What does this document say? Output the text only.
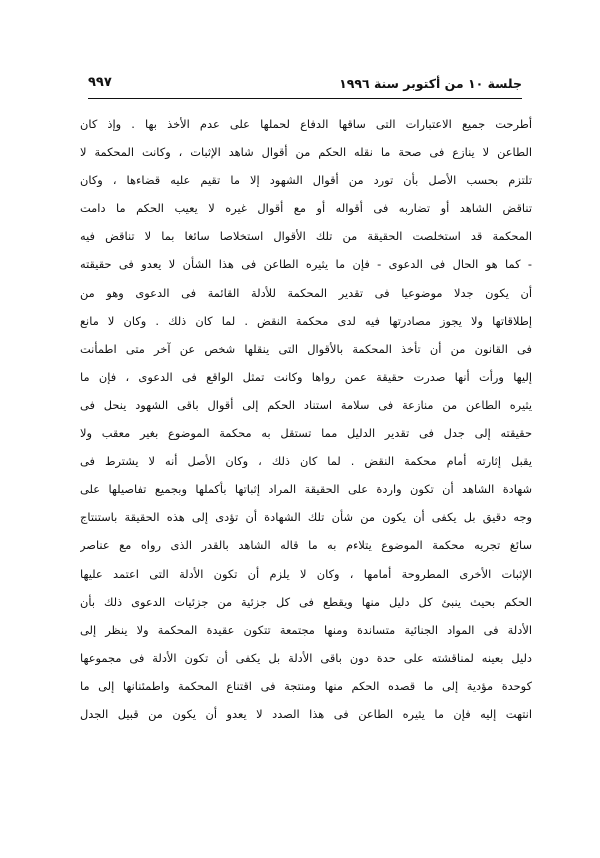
جلسة ١٠ من أكتوبر سنة ١٩٩٦
٩٩٧
أطرحت جميع الاعتبارات التى ساقها الدفاع لحملها على عدم الأخذ بها . وإذ كان
الطاعن لا ينازع فى صحة ما نقله الحكم من أقوال شاهد الإثبات ، وكانت المحكمة لا
تلتزم بحسب الأصل بأن تورد من أقوال الشهود إلا ما تقيم عليه قضاءها ، وكان
تناقض الشاهد أو تضاربه فى أقواله أو مع أقوال غيره لا يعيب الحكم ما دامت
المحكمة قد استخلصت الحقيقة من تلك الأقوال استخلاصا سائغا بما لا تناقض فيه
- كما هو الحال فى الدعوى - فإن ما يثيره الطاعن فى هذا الشأن لا يعدو فى حقيقته
أن يكون جدلا موضوعيا فى تقدير المحكمة للأدلة القائمة فى الدعوى وهو من
إطلاقاتها ولا يجوز مصادرتها فيه لدى محكمة النقض . لما كان ذلك . وكان لا مانع
فى القانون من أن تأخذ المحكمة بالأقوال التى ينقلها شخص عن آخر متى اطمأنت
إليها ورأت أنها صدرت حقيقة عمن رواها وكانت تمثل الواقع فى الدعوى ، فإن ما
يثيره الطاعن من منازعة فى سلامة استناد الحكم إلى أقوال باقى الشهود ينحل فى
حقيقته إلى جدل فى تقدير الدليل مما تستقل به محكمة الموضوع بغير معقب ولا
يقبل إثارته أمام محكمة النقض . لما كان ذلك ، وكان الأصل أنه لا يشترط فى
شهادة الشاهد أن تكون واردة على الحقيقة المراد إثباتها بأكملها وبجميع تفاصيلها على
وجه دقيق بل يكفى أن يكون من شأن تلك الشهادة أن تؤدى إلى هذه الحقيقة باستنتاج
سائغ تجريه محكمة الموضوع يتلاءم به ما قاله الشاهد بالقدر الذى رواه مع عناصر
الإثبات الأخرى المطروحة أمامها ، وكان لا يلزم أن تكون الأدلة التى اعتمد عليها
الحكم بحيث ينبئ كل دليل منها ويقطع فى كل جزئية من جزئيات الدعوى ذلك بأن
الأدلة فى المواد الجنائية متساندة ومنها مجتمعة تتكون عقيدة المحكمة ولا ينظر إلى
دليل بعينه لمناقشته على حدة دون باقى الأدلة بل يكفى أن تكون الأدلة فى مجموعها
كوحدة مؤدية إلى ما قصده الحكم منها ومنتجة فى اقتناع المحكمة واطمئنانها إلى ما
انتهت إليه فإن ما يثيره الطاعن فى هذا الصدد لا يعدو أن يكون من قبيل الجدل
